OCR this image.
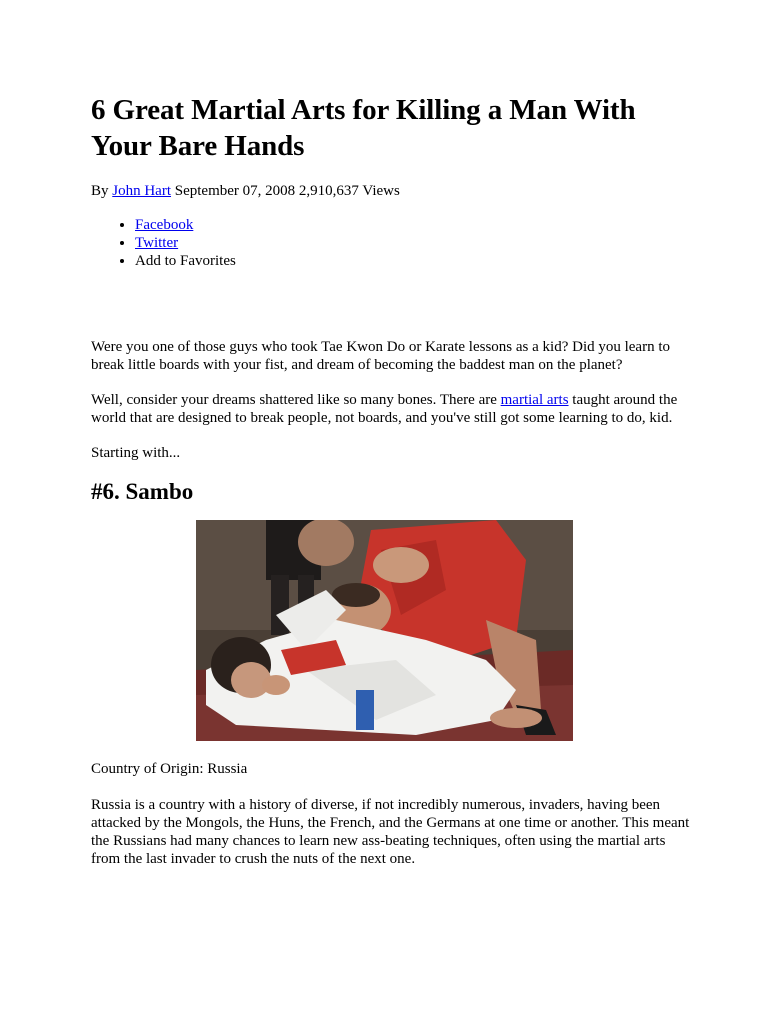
6 Great Martial Arts for Killing a Man With Your Bare Hands
By John Hart September 07, 2008 2,910,637 Views
• Facebook
• Twitter
• Add to Favorites

Were you one of those guys who took Tae Kwon Do or Karate lessons as a kid? Did you learn to break little boards with your fist, and dream of becoming the baddest man on the planet?

Well, consider your dreams shattered like so many bones. There are martial arts taught around the world that are designed to break people, not boards, and you've still got some learning to do, kid.

Starting with...

#6. Sambo

Country of Origin: Russia

Russia is a country with a history of diverse, if not incredibly numerous, invaders, having been attacked by the Mongols, the Huns, the French, and the Germans at one time or another. This meant the Russians had many chances to learn new ass-beating techniques, often using the martial arts from the last invader to crush the nuts of the next one.
